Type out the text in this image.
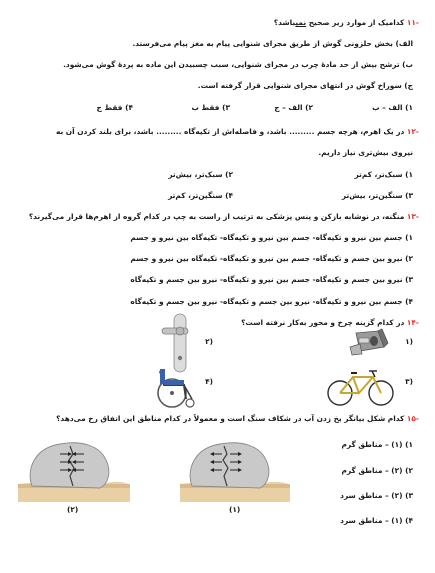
-۱۱ کدامیک از موارد زیر صحیح نمیباشد؟
الف) بخش حلزونی گوش از طریق مجرای شنوایی پیام به مغز پیام می‌فرستد.
ب) ترشح بیش از حد مادهٔ چرب در مجرای شنوایی، سبب چسبیدن این ماده به پردهٔ گوش می‌شود.
ج) سوراخ گوش در انتهای مجرای شنوایی قرار گرفته است.
۱) الف – ب
۲) الف – ج
۳) فقط ب
۴) فقط ج
-۱۲ در یک اهرم، هرچه جسم ......... باشد، و فاصله‌اش از تکیه‌گاه ......... باشد، برای بلند کردن آن به
نیروی بیش‌تری نیاز داریم.
۱) سبک‌تر، کم‌تر
۲) سبک‌تر، بیش‌تر
۳) سنگین‌تر، بیش‌تر
۴) سنگین‌تر، کم‌تر
-۱۳ منگنه، در نوشابه بازکن و پنس پزشکی به ترتیب از راست به چپ در کدام گروه از اهرم‌ها قرار می‌گیرند؟
۱) جسم بین نیرو و تکیه‌گاه- جسم بین نیرو و تکیه‌گاه- تکیه‌گاه بین نیرو و جسم
۲) نیرو بین جسم و تکیه‌گاه- جسم بین نیرو و تکیه‌گاه- تکیه‌گاه بین نیرو و جسم
۳) نیرو بین جسم و تکیه‌گاه- جسم بین نیرو و تکیه‌گاه- نیرو بین جسم و تکیه‌گاه
۴) جسم بین نیرو و تکیه‌گاه- نیرو بین جسم و تکیه‌گاه- نیرو بین جسم و تکیه‌گاه
-۱۴ در کدام گزینه چرخ و محور به‌کار نرفته است؟
(۱
(۲
(۳
(۴
-۱۵ کدام شکل بیانگر یخ زدن آب در شکاف سنگ است و معمولاً در کدام مناطق این اتفاق رخ می‌دهد؟
۱) (۱) – مناطق گرم
۲) (۲) – مناطق گرم
۳) (۲) – مناطق سرد
۴) (۱) – مناطق سرد
(۱)
(۲)
